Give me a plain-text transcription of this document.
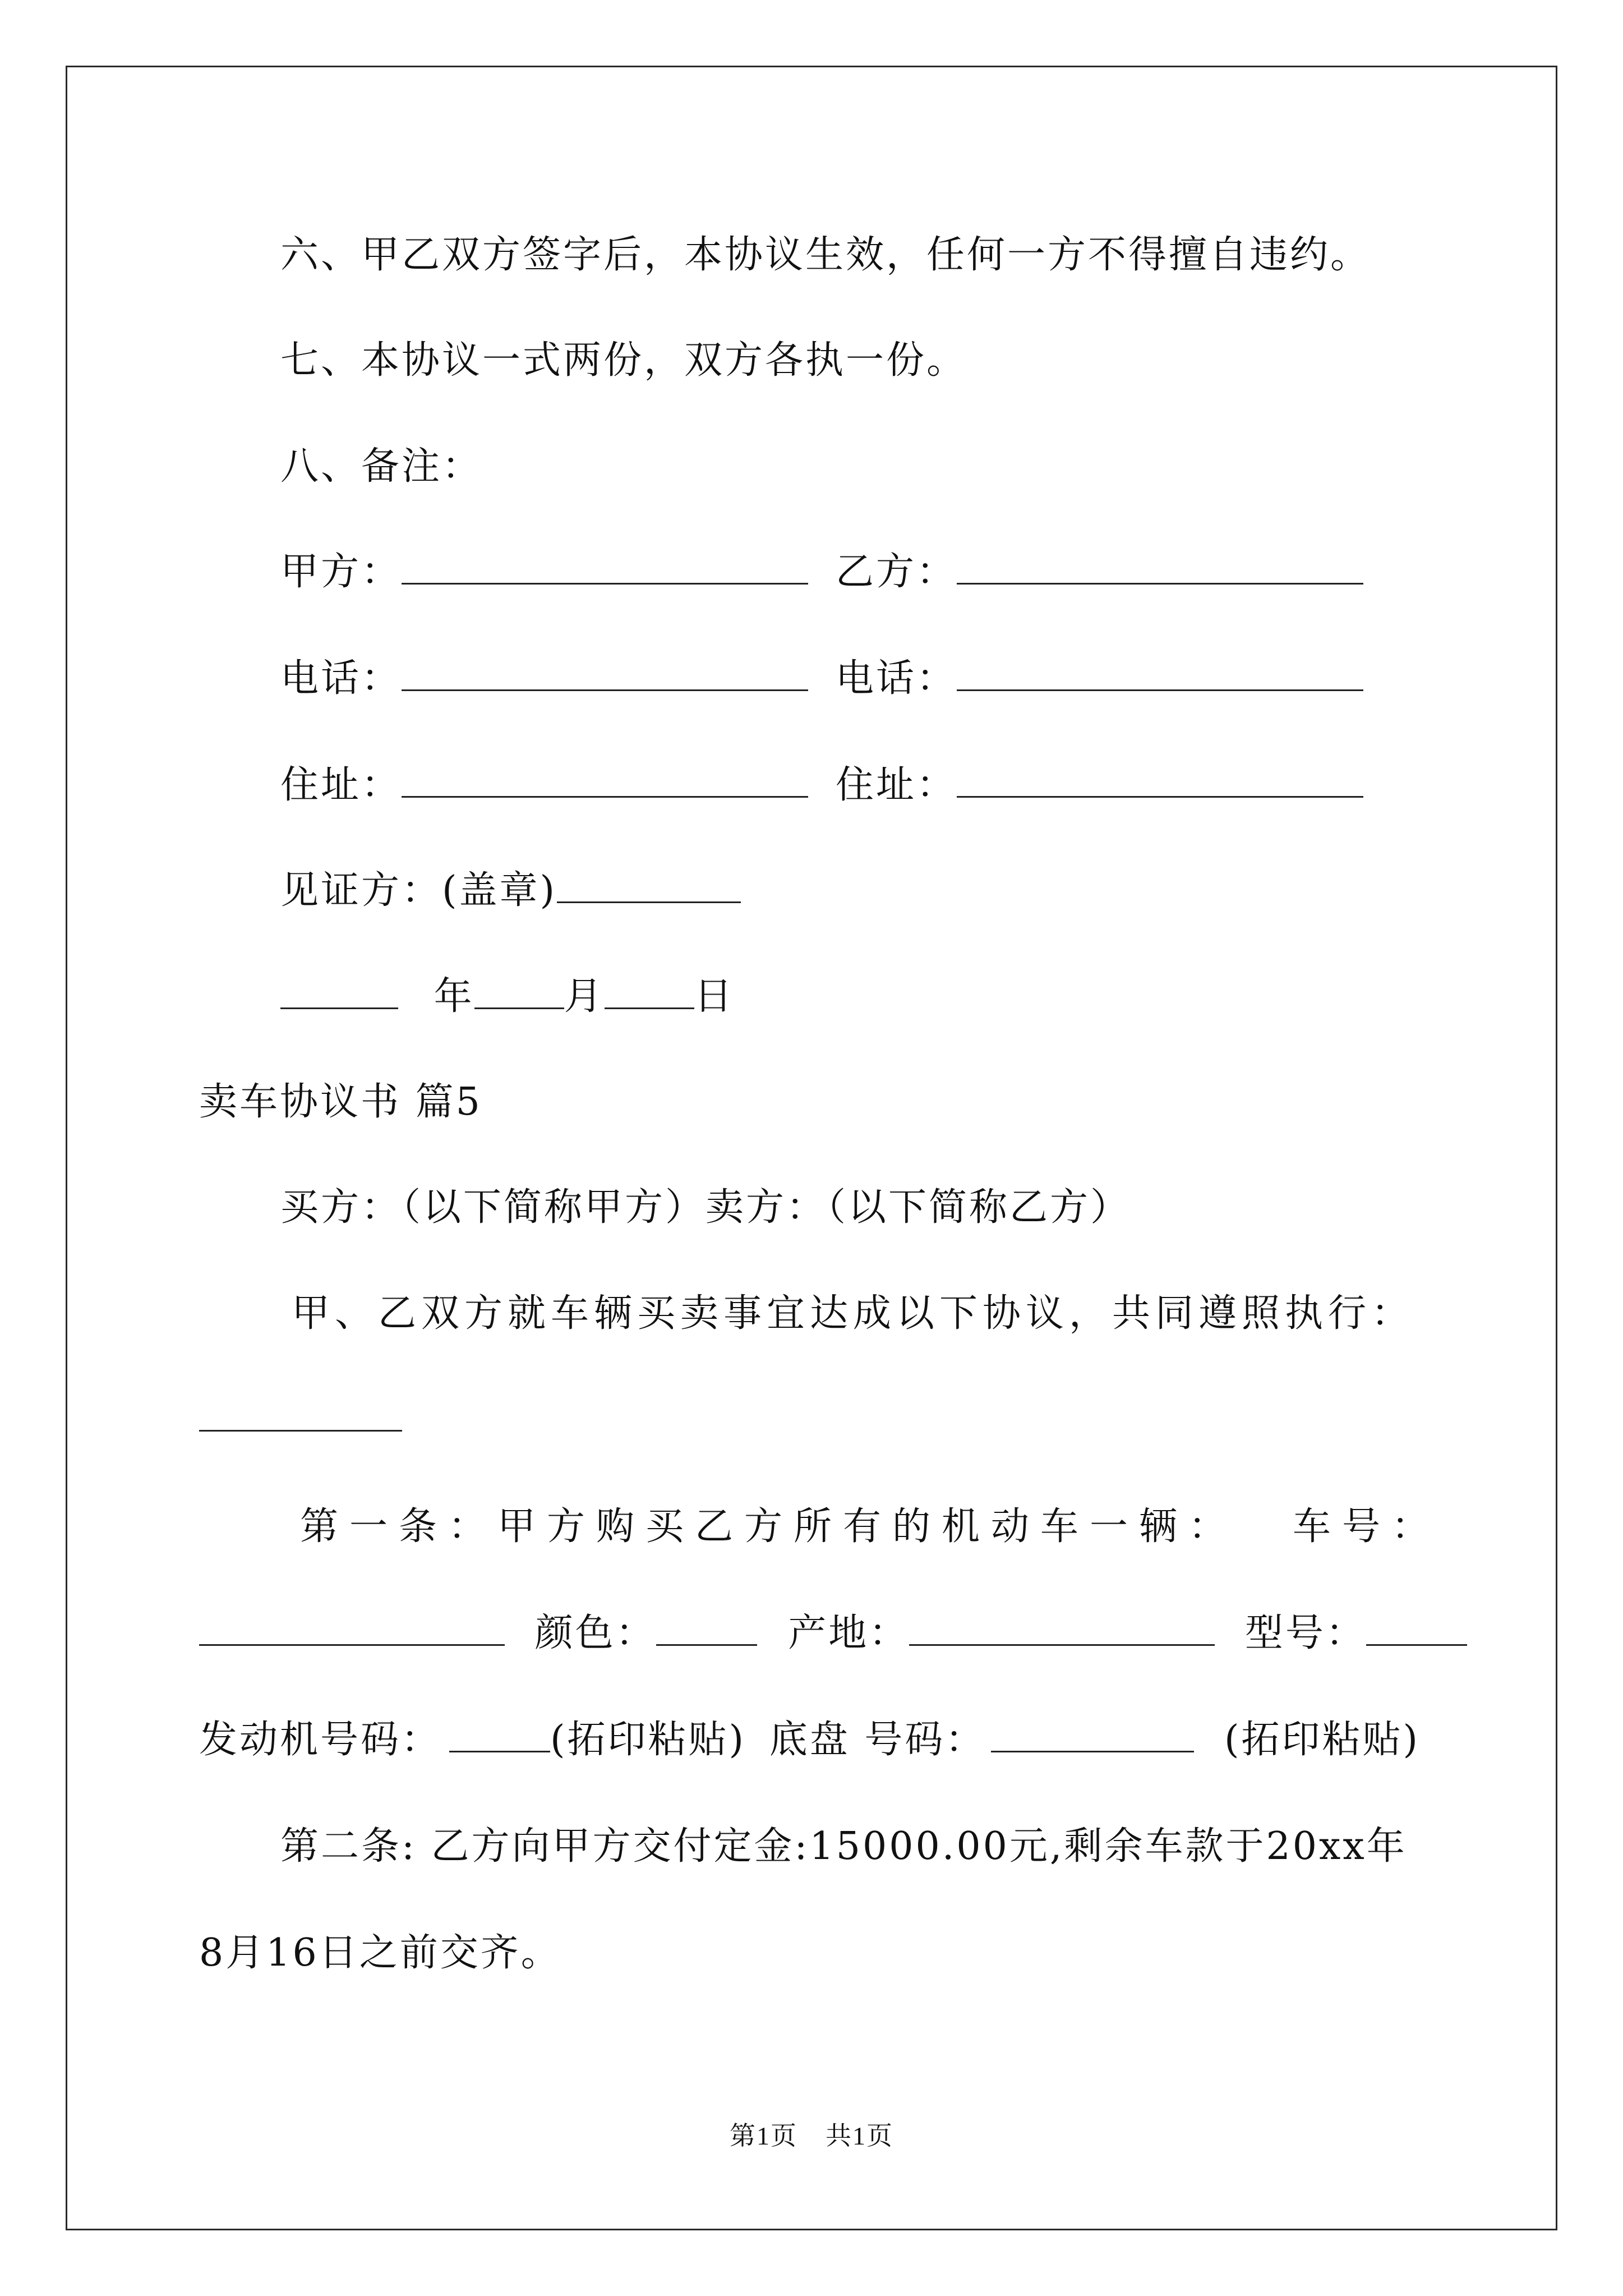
六、甲乙双方签字后，本协议生效，任何一方不得擅自违约。
七、本协议一式两份，双方各执一份。
八、备注：
甲方：	乙方：
电话：	电话：
住址：	住址：
见证方：(盖章)
年 月 日
卖车协议书 篇5
买方：（以下简称甲方）卖方：（以下简称乙方）
甲、乙双方就车辆买卖事宜达成以下协议，共同遵照执行：
第一条：甲方购买乙方所有的机动车一辆： 车号：
颜色：	产地：	型号：
发动机号码：	(拓印粘贴) 底盘 号码：	(拓印粘贴)
第二条: 乙方向甲方交付定金:15000.00元,剩余车款于20xx年
8月16日之前交齐。
第1页 共1页
